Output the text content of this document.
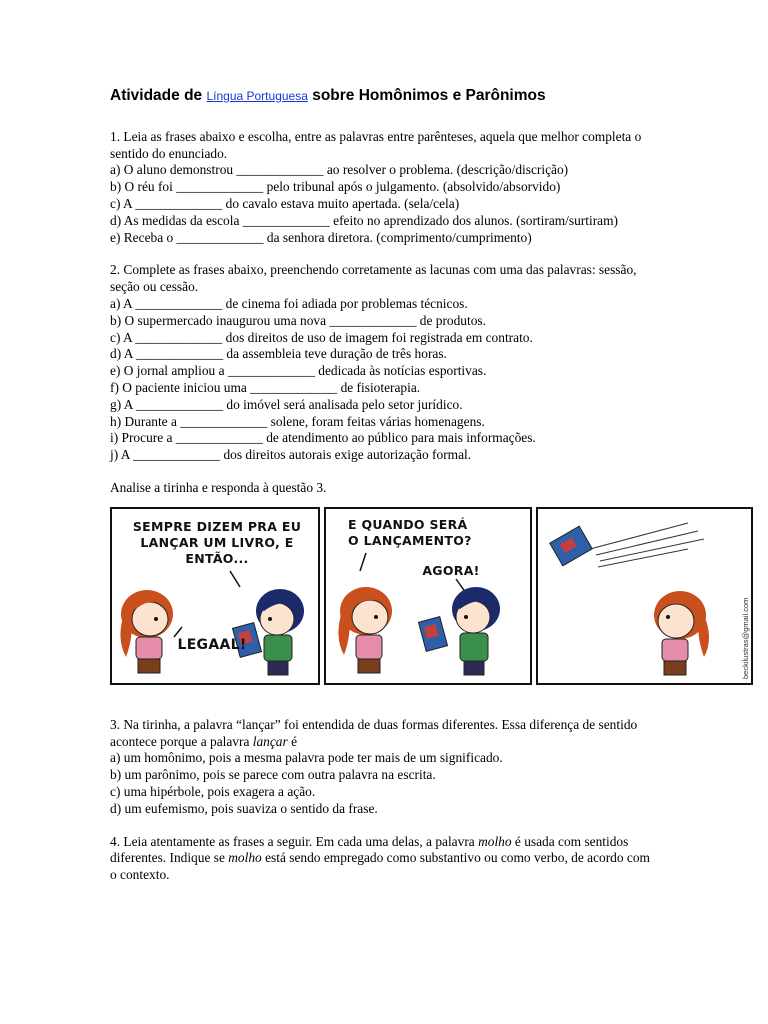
Atividade de Língua Portuguesa sobre Homônimos e Parônimos

1. Leia as frases abaixo e escolha, entre as palavras entre parênteses, aquela que melhor completa o sentido do enunciado.

a) O aluno demonstrou _____________ ao resolver o problema. (descrição/discrição)

b) O réu foi _____________ pelo tribunal após o julgamento. (absolvido/absorvido)

c) A _____________ do cavalo estava muito apertada. (sela/cela)

d) As medidas da escola _____________ efeito no aprendizado dos alunos. (sortiram/surtiram)

e) Receba o _____________ da senhora diretora. (comprimento/cumprimento)

2. Complete as frases abaixo, preenchendo corretamente as lacunas com uma das palavras: sessão, seção ou cessão.

a) A _____________ de cinema foi adiada por problemas técnicos.

b) O supermercado inaugurou uma nova _____________ de produtos.

c) A _____________ dos direitos de uso de imagem foi registrada em contrato.

d) A _____________ da assembleia teve duração de três horas.

e) O jornal ampliou a _____________ dedicada às notícias esportivas.

f) O paciente iniciou uma _____________ de fisioterapia.

g) A _____________ do imóvel será analisada pelo setor jurídico.

h) Durante a _____________ solene, foram feitas várias homenagens.

i) Procure a _____________ de atendimento ao público para mais informações.

j) A _____________ dos direitos autorais exige autorização formal.

Analise a tirinha e responda à questão 3.

SEMPRE DIZEM PRA EU
LANÇAR UM LIVRO, E
ENTÃO...
LEGAAL!
E QUANDO SERÁ
O LANÇAMENTO?
AGORA!
beckilustras@gmail.com

3. Na tirinha, a palavra “lançar” foi entendida de duas formas diferentes. Essa diferença de sentido acontece porque a palavra lançar é

a) um homônimo, pois a mesma palavra pode ter mais de um significado.

b) um parônimo, pois se parece com outra palavra na escrita.

c) uma hipérbole, pois exagera a ação.

d) um eufemismo, pois suaviza o sentido da frase.

4. Leia atentamente as frases a seguir. Em cada uma delas, a palavra molho é usada com sentidos diferentes. Indique se molho está sendo empregado como substantivo ou como verbo, de acordo com o contexto.
